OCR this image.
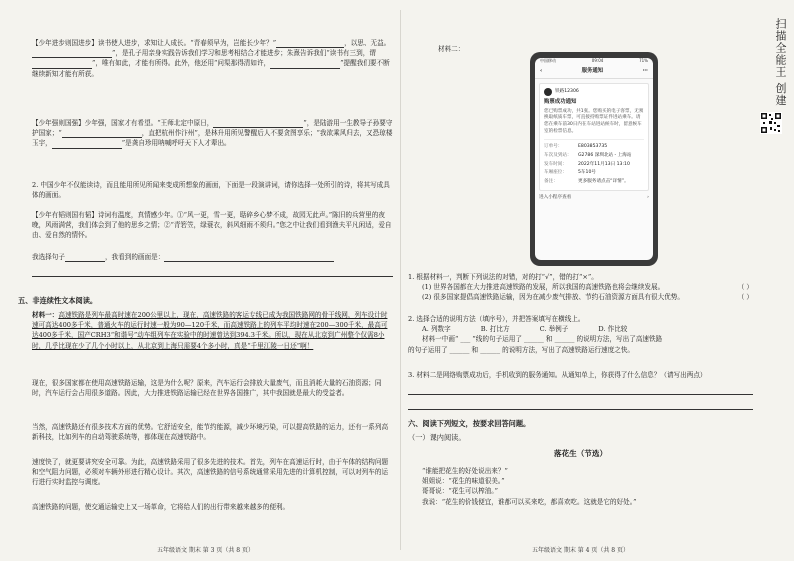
【少年进步则国进步】读书使人进步，求知让人成长。“青春须早为，岂能长少年？”	，以思、无益。”，是孔子用亲身实践告诉我们学习和思考相结合才能进步；朱熹告诉我们“读书有三到，谓”，唯有如此，才能有所得。此外，他还用“问渠那得清如许，	”提醒我们要不断继续新知才能有所获。

【少年强则国强】少年强，国家才有希望。“王师北定中原日，	”，是陆游用一生教导子孙要守护国家；“	，直把杭州作汴州”，是林升用所见警醒后人不要贪图享乐；“我欲乘风归去，又恐琼楼玉宇，	”是龚自珍用呐喊呼吁天下人才辈出。

2. 中国少年不仅能读诗，而且能用所见所闻来变成所想象的画面，下面是一段演讲词，请你选择一处所引的诗，将其写成具体的画面。

【少年有韬则国有韬】诗词有温度，真情感少年。①“风一更，雪一更，聒碎乡心梦不成，故园无此声。”陈旧的兵营里的夜晚，风雨满营，我们体会到了他的思乡之情；②“青箬笠，绿蓑衣，斜风细雨不须归。”您之中让我们看到渔夫平凡闲适，爱自由、爱自然的情怀。

我选择句子	，我看到的画面是：

五、非连续性文本阅读。

材料一：高速铁路是列车最高时速在200公里以上，现在，高速铁路的客运专线已成为我国铁路网的骨干线网，列车设计时速可高达400多千米，普通火车的运行时速一般为90—120千米，而高速铁路上的列车平均时速在200—300千米，最高可达400多千米，国产CRH3“和谐号”动车组列车在实验中的时速曾达到394.3千米。所以，现在从北京到广州整个仅需8小时，几乎比现在少了几个小时以上，从北京到上海只需要4个多小时，真是“千里江陵一日还”啊！

现在，很多国家都在使用高速铁路运输，这是为什么呢？原来，汽车运行会排放大量废气，而且消耗大量的石油资源；同时，汽车运行会占用很多道路。因此，大力推进铁路运输已经在世界各国推广，其中我国就是最大的受益者。

当然，高速铁路还有很多技术方面的优势。它舒适安全，能节约能源，减少环境污染，可以提高铁路的运力，还有一系列高新科技，比如列车的自动驾驶系统等，都体现在高速铁路中。

速度快了，就更要讲究安全可靠。为此，高速铁路采用了很多先进的技术。首先，列车在高速运行时，由于车体的结构问题和空气阻力问题，必须对车辆外形进行精心设计。其次，高速铁路的信号系统通常采用先进的计算机控制，可以对列车的运行进行实时监控与调度。

高速铁路的问题，使交通运输史上又一场革命，它将给人们的出行带来越来越多的便利。

五年级语文 期末 第 3 页（共 8 页）

材料二：

中国移动	09:04	71%
‹	服务通知	⋯
铁路12306
购票成功通知
您已购票成功，共1张。您购买的电子客票，无须换取纸质车票，可直接持购票证件进站乘车。请您在乘车前30日内在车站进站候车时，留意候车室的检票信息。
订单号：	E803853735
车次及到站：	G2786 深圳北站 - 上海站
发车时间：	2022年11月13日 13:10
车厢座位：	5车10号
备注：	更多服务请点击“详情”。
进入小程序查看	›

1. 根据材料一，判断下列说法的对错，对的打“√”，错的打“×”。

(1) 世界各国都在大力推进高速铁路的发展，所以我国的高速铁路也将会继续发展。	（ ）

(2) 很多国家提倡高速铁路运输，因为在减少废气排放、节约石油资源方面具有很大优势。	（ ）

2. 选择合适的说明方法（填序号），并把答案填写在横线上。

A. 列数字	B. 打比方	C. 举例子	D. 作比较

材料一中画“ ___ ”线的句子运用了 ______ 和 ______ 的说明方法，写出了高速铁路

的句子运用了 ______ 和 ______ 的说明方法，写出了高速铁路运行速度之快。

3. 材料二是网络购票成功后，手机收到的服务通知。从通知单上，你获得了什么信息？（请写出两点）

六、阅读下列短文，按要求回答问题。

（一）课内阅读。

落花生（节选）

“谁能把花生的好处说出来？”

姐姐说：“花生的味道很美。”

哥哥说：“花生可以榨油。”

我说：“花生的价钱便宜，谁都可以买来吃，都喜欢吃。这就是它的好处。”

五年级语文 期末 第 4 页（共 8 页）
扫描全能王 创建
